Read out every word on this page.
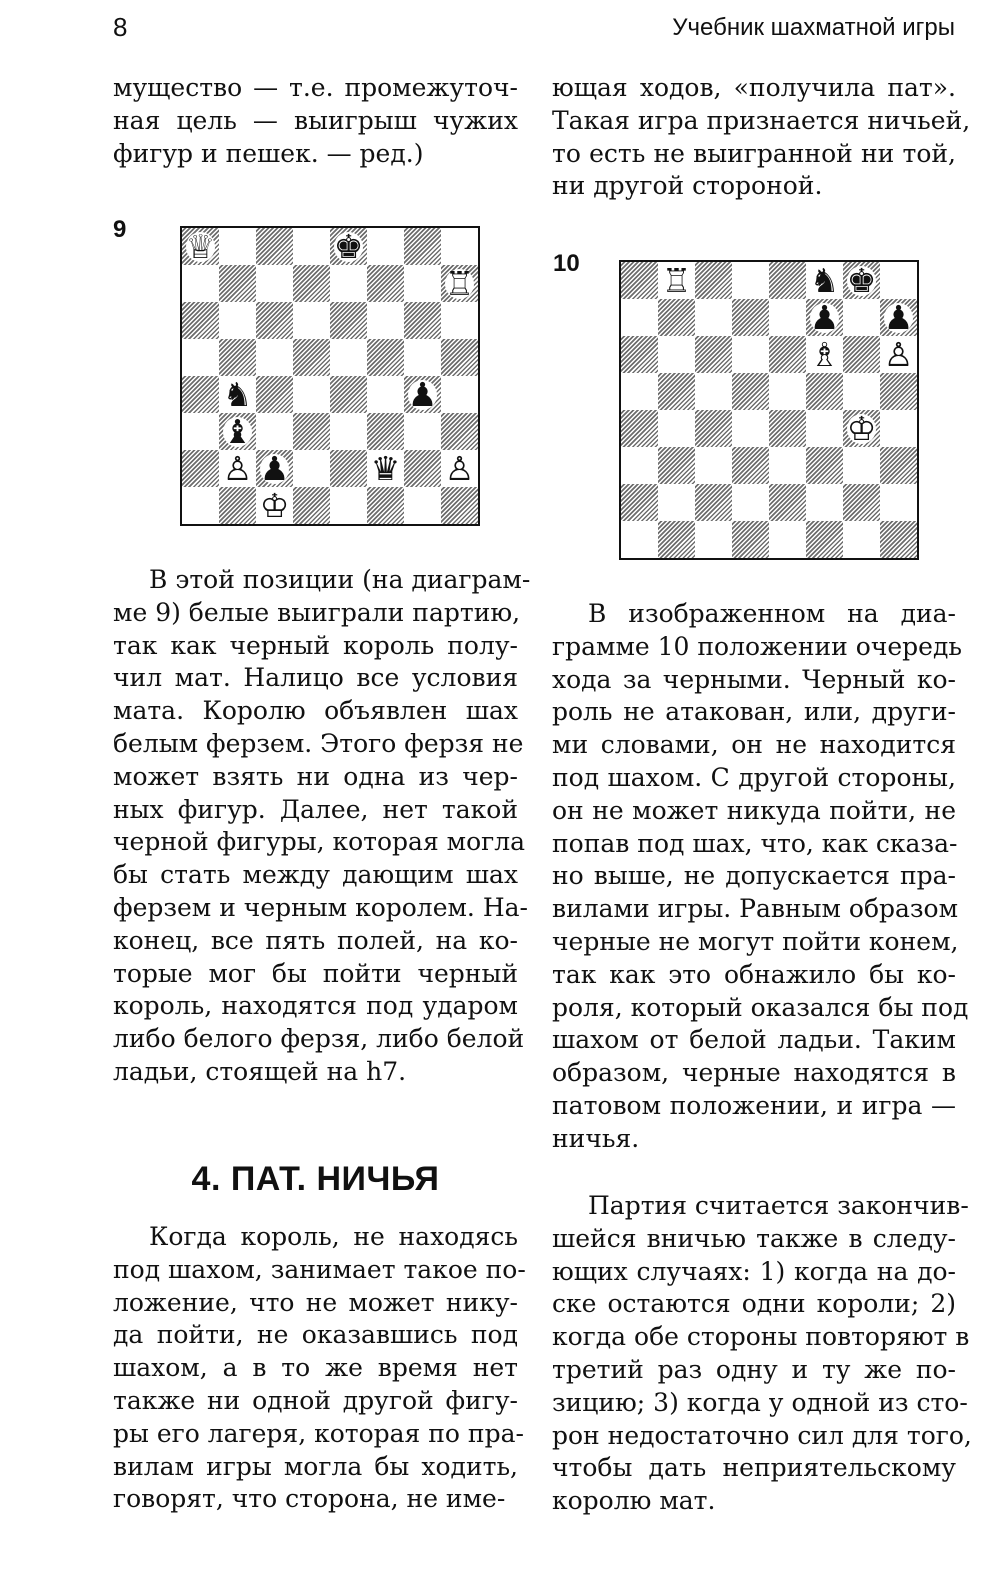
8	Учебник шахматной игры
мущество — т.е. промежуточ-
ная цель — выигрыш чужих
фигур и пешек. — ред.)
ющая ходов, «получила пат».
Такая игра признается ничьей,
то есть не выигранной ни той,
ни другой стороной.
9 ♕	♚
♖
♞	♟
♝
♙ ♟ ♛ ♙
♔
10 ♖	♞ ♚
♟ ♟
♗ ♙
♔
В этой позиции (на диаграм-
ме 9) белые выиграли партию,
так как черный король полу-
чил мат. Налицо все условия
мата. Королю объявлен шах
белым ферзем. Этого ферзя не
может взять ни одна из чер-
ных фигур. Далее, нет такой
черной фигуры, которая могла
бы стать между дающим шах
ферзем и черным королем. На-
конец, все пять полей, на ко-
торые мог бы пойти черный
король, находятся под ударом
либо белого ферзя, либо белой
ладьи, стоящей на h7.
4. ПАТ. НИЧЬЯ
Когда король, не находясь
под шахом, занимает такое по-
ложение, что не может нику-
да пойти, не оказавшись под
шахом, а в то же время нет
также ни одной другой фигу-
ры его лагеря, которая по пра-
вилам игры могла бы ходить,
говорят, что сторона, не име-
В изображенном на диа-
грамме 10 положении очередь
хода за черными. Черный ко-
роль не атакован, или, други-
ми словами, он не находится
под шахом. С другой стороны,
он не может никуда пойти, не
попав под шах, что, как сказа-
но выше, не допускается пра-
вилами игры. Равным образом
черные не могут пойти конем,
так как это обнажило бы ко-
роля, который оказался бы под
шахом от белой ладьи. Таким
образом, черные находятся в
патовом положении, и игра —
ничья.
Партия считается закончив-
шейся вничью также в следу-
ющих случаях: 1) когда на до-
ске остаются одни короли; 2)
когда обе стороны повторяют в
третий раз одну и ту же по-
зицию; 3) когда у одной из сто-
рон недостаточно сил для того,
чтобы дать неприятельскому
королю мат.
